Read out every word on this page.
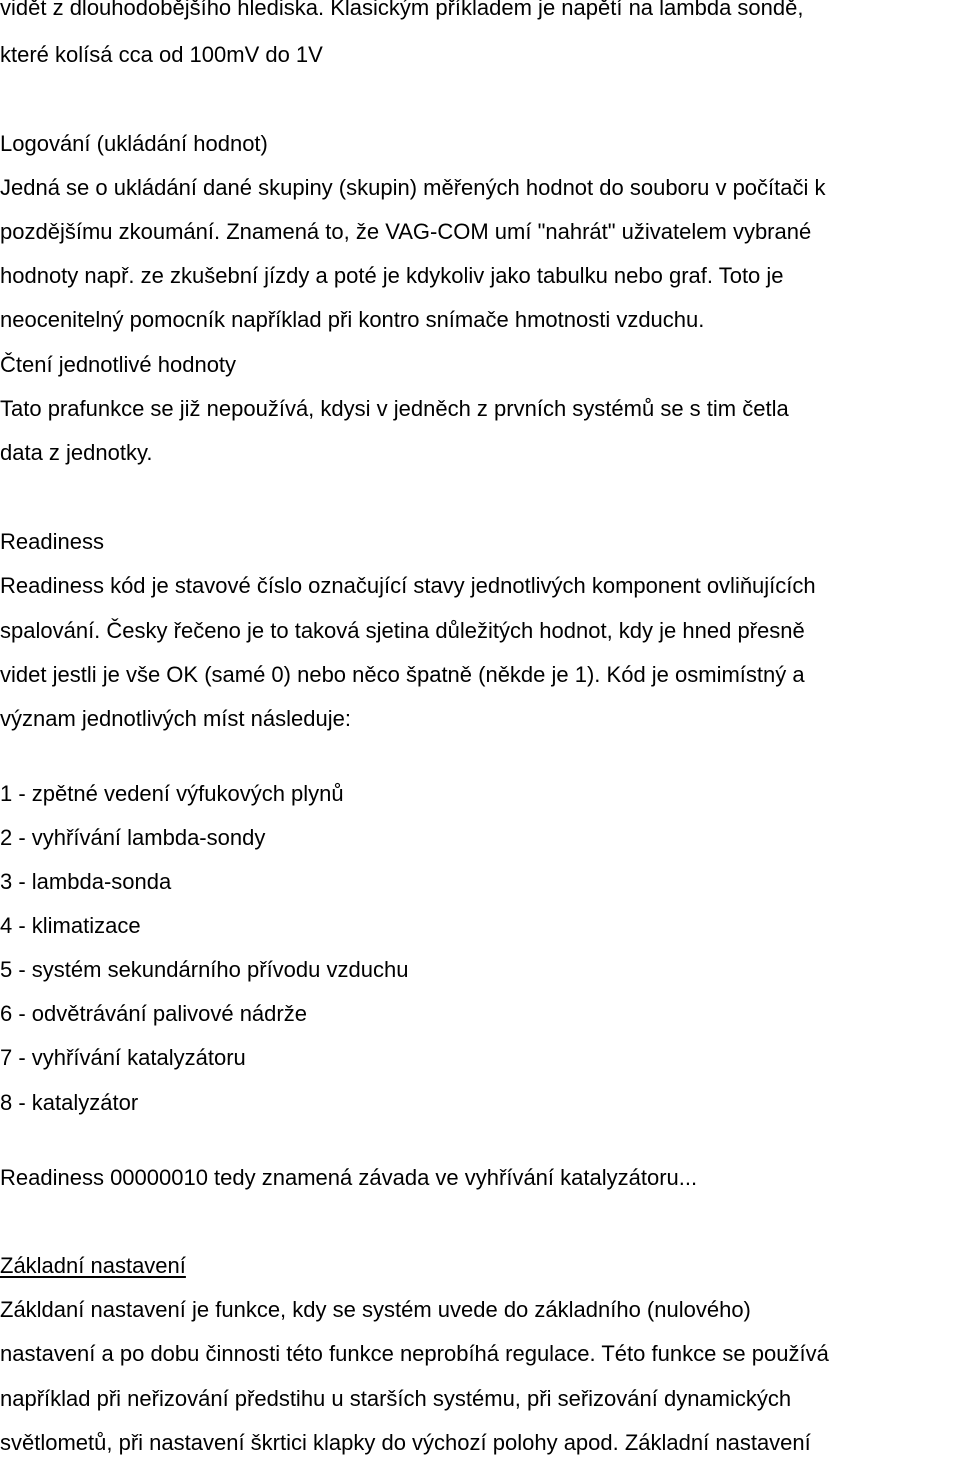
vidět z dlouhodobějšího hlediska. Klasickým příkladem je napětí na lambda sondě,
které kolísá cca od 100mV do 1V
Logování (ukládání hodnot)
Jedná se o ukládání dané skupiny (skupin) měřených hodnot do souboru v počítači k
pozdějšímu zkoumání. Znamená to, že VAG-COM umí "nahrát" uživatelem vybrané
hodnoty např. ze zkušební jízdy a poté je kdykoliv jako tabulku nebo graf. Toto je
neocenitelný pomocník například při kontro snímače hmotnosti vzduchu.
Čtení jednotlivé hodnoty
Tato prafunkce se již nepoužívá, kdysi v jedněch z prvních systémů se s tim četla
data z jednotky.
Readiness
Readiness kód je stavové číslo označující stavy jednotlivých komponent ovliňujících
spalování. Česky řečeno je to taková sjetina důležitých hodnot, kdy je hned přesně
videt jestli je vše OK (samé 0) nebo něco špatně (někde je 1). Kód je osmimístný a
význam jednotlivých míst následuje:
1 - zpětné vedení výfukových plynů
2 - vyhřívání lambda-sondy
3 - lambda-sonda
4 - klimatizace
5 - systém sekundárního přívodu vzduchu
6 - odvětrávání palivové nádrže
7 - vyhřívání katalyzátoru
8 - katalyzátor
Readiness 00000010 tedy znamená závada ve vyhřívání katalyzátoru...
Základní nastavení
Zákldaní nastavení je funkce, kdy se systém uvede do základního (nulového)
nastavení a po dobu činnosti této funkce neprobíhá regulace. Této funkce se používá
například při neřizování předstihu u starších systému, při seřizování dynamických
světlometů, při nastavení škrtici klapky do výchozí polohy apod. Základní nastavení
